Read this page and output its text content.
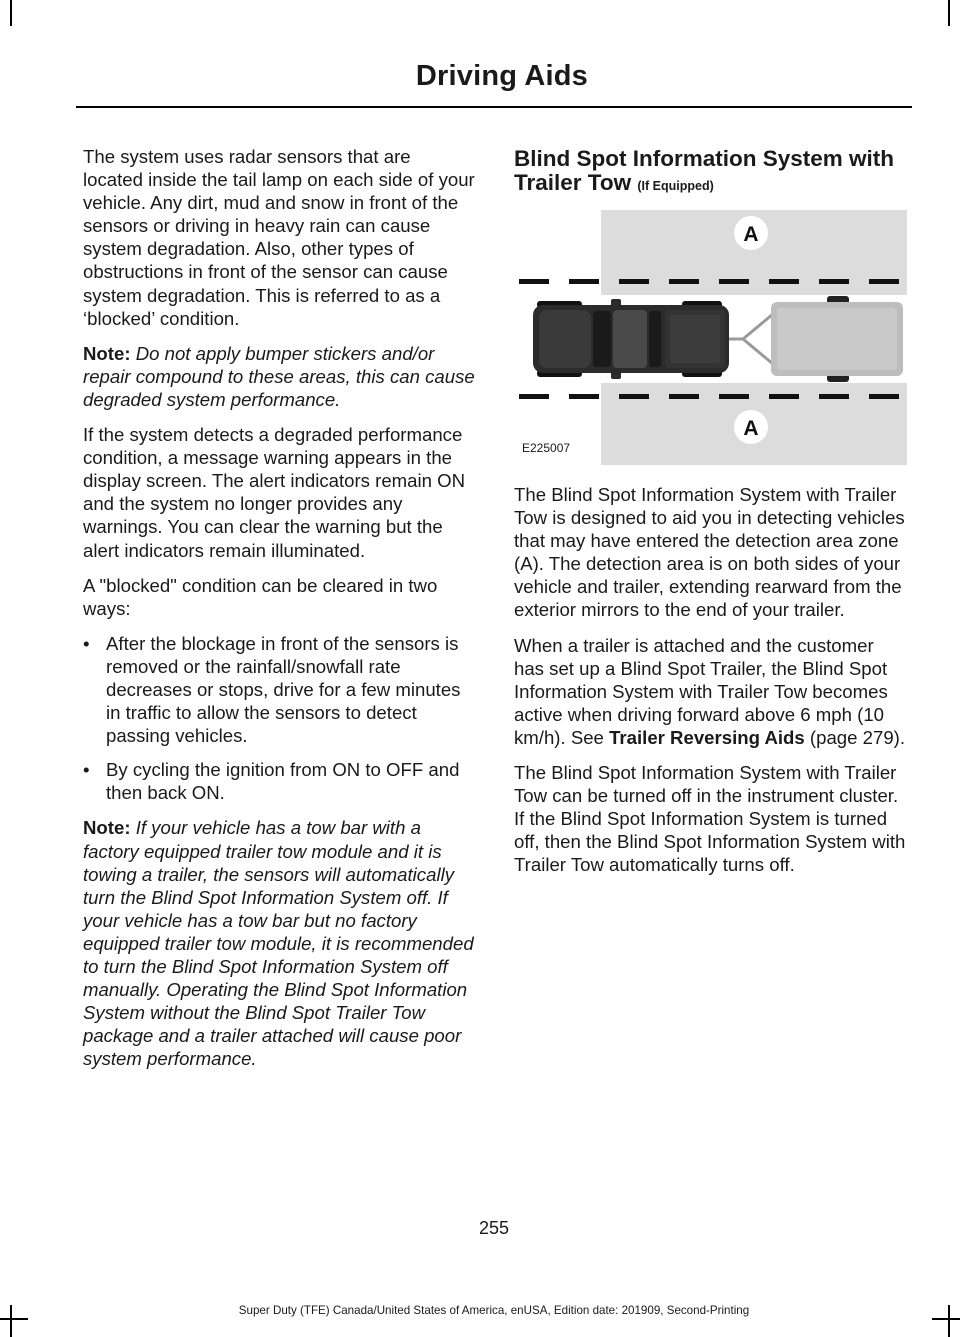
Driving Aids

The system uses radar sensors that are located inside the tail lamp on each side of your vehicle. Any dirt, mud and snow in front of the sensors or driving in heavy rain can cause system degradation. Also, other types of obstructions in front of the sensor can cause system degradation. This is referred to as a ‘blocked’ condition.

Note: Do not apply bumper stickers and/or repair compound to these areas, this can cause degraded system performance.

If the system detects a degraded performance condition, a message warning appears in the display screen. The alert indicators remain ON and the system no longer provides any warnings. You can clear the warning but the alert indicators remain illuminated.

A "blocked" condition can be cleared in two ways:

• After the blockage in front of the sensors is removed or the rainfall/snowfall rate decreases or stops, drive for a few minutes in traffic to allow the sensors to detect passing vehicles.
• By cycling the ignition from ON to OFF and then back ON.

Note: If your vehicle has a tow bar with a factory equipped trailer tow module and it is towing a trailer, the sensors will automatically turn the Blind Spot Information System off. If your vehicle has a tow bar but no factory equipped trailer tow module, it is recommended to turn the Blind Spot Information System off manually. Operating the Blind Spot Information System without the Blind Spot Trailer Tow package and a trailer attached will cause poor system performance.

Blind Spot Information System with Trailer Tow (If Equipped)
A
A
E225007

The Blind Spot Information System with Trailer Tow is designed to aid you in detecting vehicles that may have entered the detection area zone (A). The detection area is on both sides of your vehicle and trailer, extending rearward from the exterior mirrors to the end of your trailer.

When a trailer is attached and the customer has set up a Blind Spot Trailer, the Blind Spot Information System with Trailer Tow becomes active when driving forward above 6 mph (10 km/h). See Trailer Reversing Aids (page 279).

The Blind Spot Information System with Trailer Tow can be turned off in the instrument cluster. If the Blind Spot Information System is turned off, then the Blind Spot Information System with Trailer Tow automatically turns off.

255
Super Duty (TFE) Canada/United States of America, enUSA, Edition date: 201909, Second-Printing
